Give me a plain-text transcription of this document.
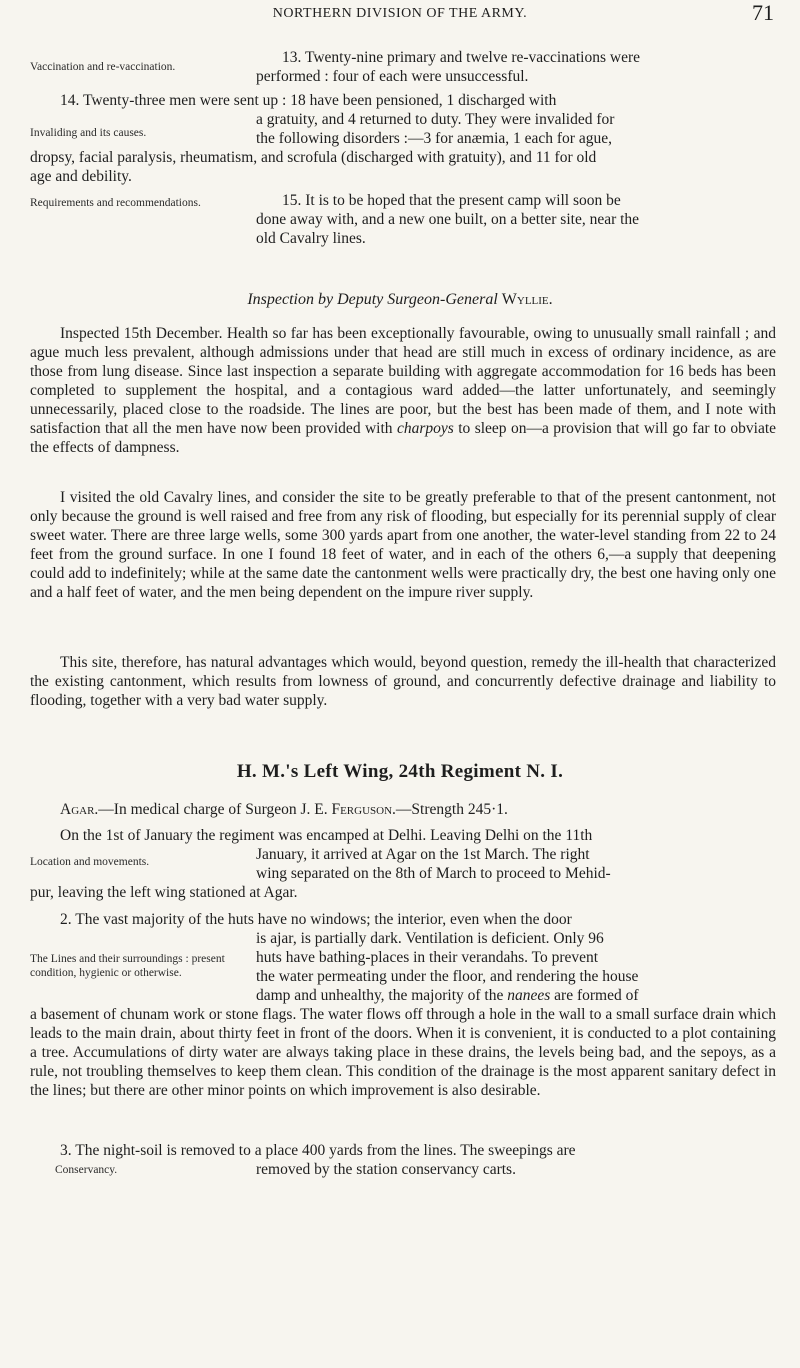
NORTHERN DIVISION OF THE ARMY.	71
Vaccination and re-vaccination.
13. Twenty-nine primary and twelve re-vaccinations were
performed : four of each were unsuccessful.
14. Twenty-three men were sent up : 18 have been pensioned, 1 discharged with
Invaliding and its causes.
a gratuity, and 4 returned to duty. They were invalided for
the following disorders :—3 for anæmia, 1 each for ague,
dropsy, facial paralysis, rheumatism, and scrofula (discharged with gratuity), and 11 for old
age and debility.
Requirements and recommendations.	15. It is to be hoped that the present camp will soon be
done away with, and a new one built, on a better site, near the
old Cavalry lines.
Inspection by Deputy Surgeon-General Wyllie.
Inspected 15th December. Health so far has been exceptionally favourable, owing to unusually small rainfall ; and ague much less prevalent, although admissions under that head are still much in excess of ordinary incidence, as are those from lung disease. Since last inspection a separate building with aggregate accommodation for 16 beds has been completed to supplement the hospital, and a contagious ward added—the latter unfortunately, and seemingly unnecessarily, placed close to the roadside. The lines are poor, but the best has been made of them, and I note with satisfaction that all the men have now been provided with charpoys to sleep on—a provision that will go far to obviate the effects of dampness.
I visited the old Cavalry lines, and consider the site to be greatly preferable to that of the present cantonment, not only because the ground is well raised and free from any risk of flooding, but especially for its perennial supply of clear sweet water. There are three large wells, some 300 yards apart from one another, the water-level standing from 22 to 24 feet from the ground surface. In one I found 18 feet of water, and in each of the others 6,—a supply that deepening could add to indefinitely; while at the same date the cantonment wells were practically dry, the best one having only one and a half feet of water, and the men being dependent on the impure river supply.
This site, therefore, has natural advantages which would, beyond question, remedy the ill-health that characterized the existing cantonment, which results from lowness of ground, and concurrently defective drainage and liability to flooding, together with a very bad water supply.
H. M.'s Left Wing, 24th Regiment N. I.
Agar.—In medical charge of Surgeon J. E. Ferguson.—Strength 245·1.
On the 1st of January the regiment was encamped at Delhi. Leaving Delhi on the 11th
Location and movements.	January, it arrived at Agar on the 1st March. The right
wing separated on the 8th of March to proceed to Mehid-
pur, leaving the left wing stationed at Agar.
2. The vast majority of the huts have no windows; the interior, even when the door
is ajar, is partially dark. Ventilation is deficient. Only 96
The Lines and their surroundings : present condition, hygienic or otherwise.
huts have bathing-places in their verandahs. To prevent
the water permeating under the floor, and rendering the house
damp and unhealthy, the majority of the nanees are formed of
a basement of chunam work or stone flags. The water flows off through a hole in the wall to a small surface drain which leads to the main drain, about thirty feet in front of the doors. When it is convenient, it is conducted to a plot containing a tree. Accumulations of dirty water are always taking place in these drains, the levels being bad, and the sepoys, as a rule, not troubling themselves to keep them clean. This condition of the drainage is the most apparent sanitary defect in the lines; but there are other minor points on which improvement is also desirable.
3. The night-soil is removed to a place 400 yards from the lines. The sweepings are
Conservancy.	removed by the station conservancy carts.
